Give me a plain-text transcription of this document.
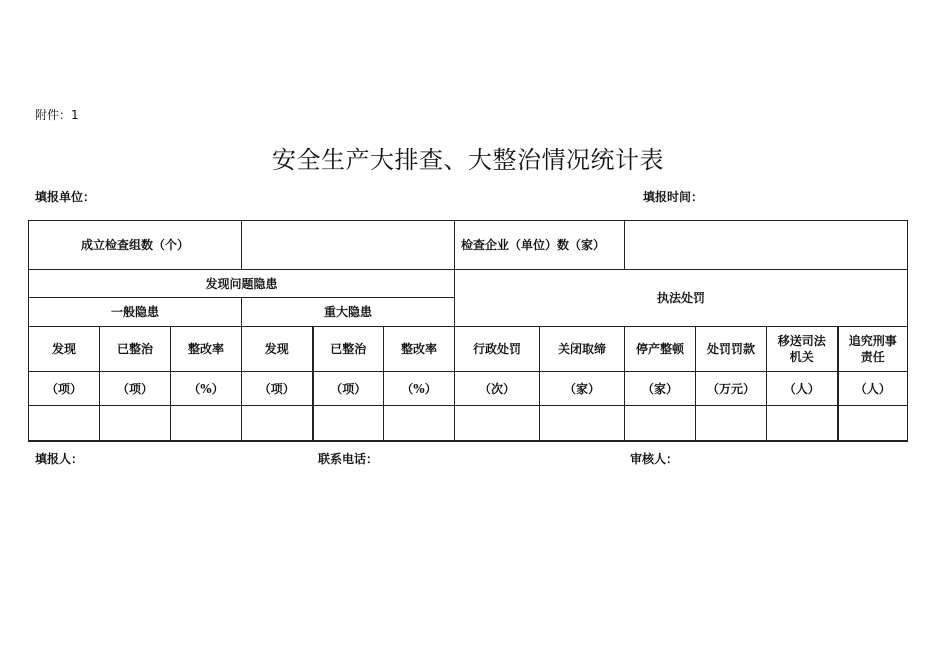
附件：1
安全生产大排查、大整治情况统计表
填报单位：	填报时间：
成立检查组数（个）						检查企业（单位）数（家）					
发现问题隐患						执法处罚					
一般隐患			重大隐患								
发现	已整治	整改率	发现	已整治	整改率	行政处罚	关闭取缔	停产整顿	处罚罚款	移送司法机关	追究刑事责任
（项）	（项）	（%）	（项）	（项）	（%）	（次）	（家）	（家）	（万元）	（人）	（人）

填报人：	联系电话：	审核人：
